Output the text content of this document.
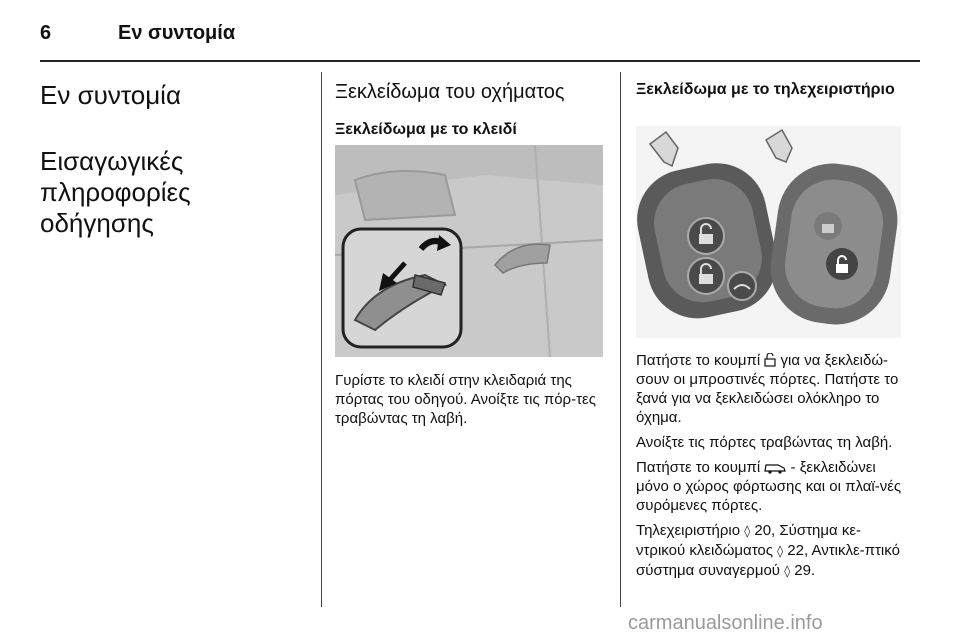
6	Εν συντομία
Εν συντομία
Εισαγωγικές πληροφορίες οδήγησης
Ξεκλείδωμα του οχήματος
Ξεκλείδωμα με το κλειδί

Γυρίστε το κλειδί στην κλειδαριά της πόρτας του οδηγού. Ανοίξτε τις πόρ-τες τραβώντας τη λαβή.

Ξεκλείδωμα με το τηλεχειριστήριο

Πατήστε το κουμπί  για να ξεκλειδώ-σουν οι μπροστινές πόρτες. Πατήστε το ξανά για να ξεκλειδώσει ολόκληρο το όχημα.

Ανοίξτε τις πόρτες τραβώντας τη λαβή.

Πατήστε το κουμπί  - ξεκλειδώνει μόνο ο χώρος φόρτωσης και οι πλαϊ-νές συρόμενες πόρτες.

Τηλεχειριστήριο ◊ 20, Σύστημα κε-ντρικού κλειδώματος ◊ 22, Αντικλε-πτικό σύστημα συναγερμού ◊ 29.

carmanualsonline.info
